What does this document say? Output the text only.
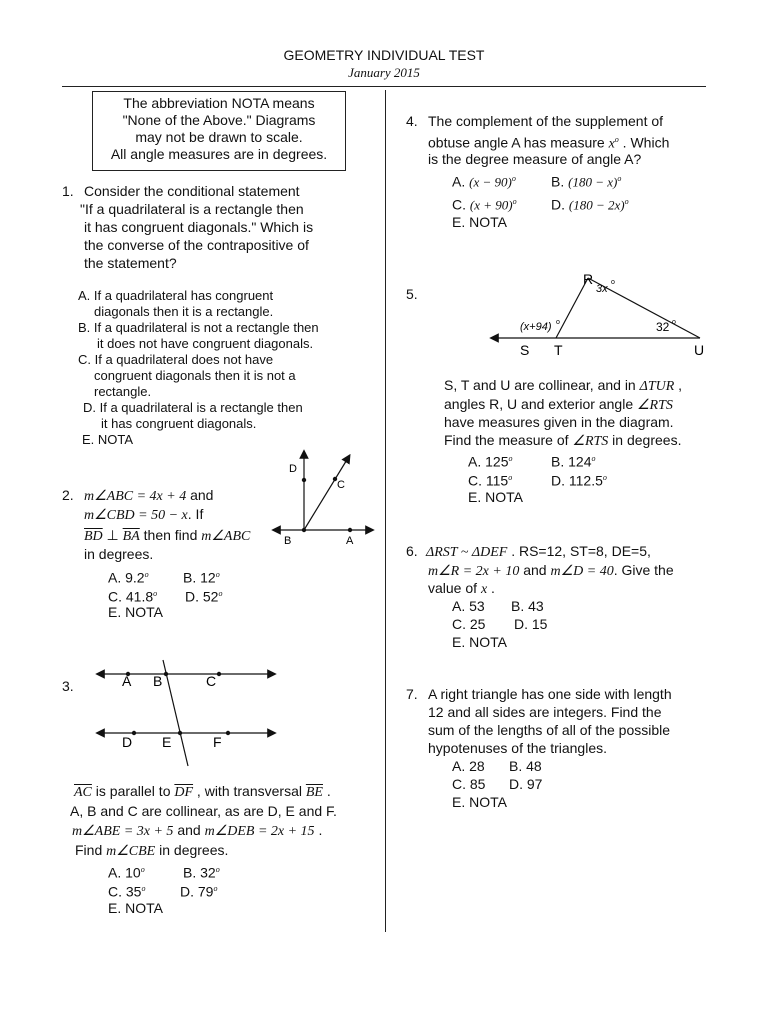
GEOMETRY INDIVIDUAL TEST
January 2015
The abbreviation NOTA means
"None of the Above." Diagrams
may not be drawn to scale.
All angle measures are in degrees.
1. Consider the conditional statement
"If a quadrilateral is a rectangle then
it has congruent diagonals." Which is
the converse of the contrapositive of
the statement?
A. If a quadrilateral has congruent
diagonals then it is a rectangle.
B. If a quadrilateral is not a rectangle then
it does not have congruent diagonals.
C. If a quadrilateral does not have
congruent diagonals then it is not a
rectangle.
D. If a quadrilateral is a rectangle then
it has congruent diagonals.
E. NOTA
2. m∠ABC = 4x + 4 and
m∠CBD = 50 − x. If
$\overline{BD}$ ⊥ $\overline{BA}$ then find m∠ABC
in degrees.
A. 9.2$^o$ B. 12$^o$
C. 41.8$^o$ D. 52$^o$
E. NOTA
D
C
B	A
3.	A B	C
D E	F
$\overline{AC}$ is parallel to $\overline{DF}$ , with transversal $\overline{BE}$ .
A, B and C are collinear, as are D, E and F.
m∠ABE = 3x + 5 and m∠DEB = 2x + 15 .
Find m∠CBE in degrees.
A. 10$^o$	B. 32$^o$
C. 35$^o$ D. 79$^o$
E. NOTA
4. The complement of the supplement of
obtuse angle A has measure $x^o$ . Which
is the degree measure of angle A?
A. $(x - 90)^o$	B. $(180 - x)^o$
C. $(x + 90)^o$ D. $(180 - 2x)^o$
E. NOTA
5.
R
S T	U
3x
o
(x+94) o	32 o
S, T and U are collinear, and in ΔTUR ,
angles R, U and exterior angle ∠RTS
have measures given in the diagram.
Find the measure of ∠RTS in degrees.
A. 125$^o$	B. 124$^o$
C. 115$^o$	D. 112.5$^o$
E. NOTA
6. ΔRST ~ ΔDEF . RS=12, ST=8, DE=5,
m∠R = 2x + 10 and m∠D = 40. Give the
value of x .
A. 53 B. 43
C. 25 D. 15
E. NOTA
7. A right triangle has one side with length
12 and all sides are integers. Find the
sum of the lengths of all of the possible
hypotenuses of the triangles.
A. 28 B. 48
C. 85 D. 97
E. NOTA
